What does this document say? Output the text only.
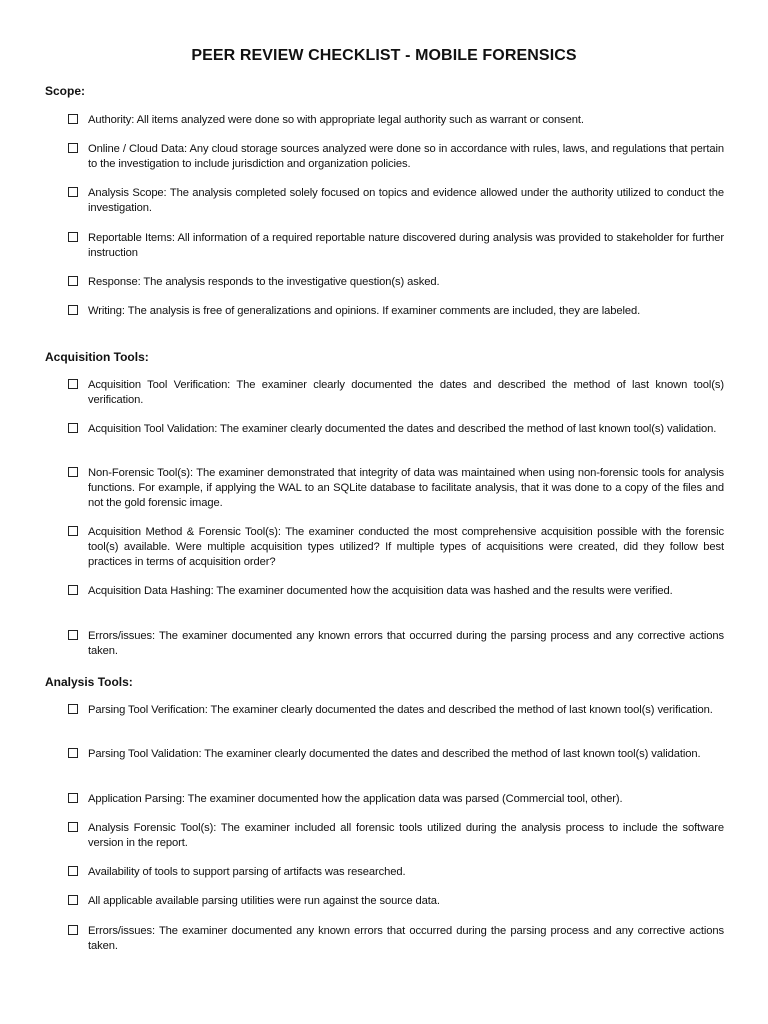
PEER REVIEW CHECKLIST - MOBILE FORENSICS
Scope:
Authority: All items analyzed were done so with appropriate legal authority such as warrant or consent.
Online / Cloud Data: Any cloud storage sources analyzed were done so in accordance with rules, laws, and regulations that pertain to the investigation to include jurisdiction and organization policies.
Analysis Scope: The analysis completed solely focused on topics and evidence allowed under the authority utilized to conduct the investigation.
Reportable Items: All information of a required reportable nature discovered during analysis was provided to stakeholder for further instruction
Response: The analysis responds to the investigative question(s) asked.
Writing: The analysis is free of generalizations and opinions. If examiner comments are included, they are labeled.
Acquisition Tools:
Acquisition Tool Verification: The examiner clearly documented the dates and described the method of last known tool(s) verification.
Acquisition Tool Validation: The examiner clearly documented the dates and described the method of last known tool(s) validation.
Non-Forensic Tool(s): The examiner demonstrated that integrity of data was maintained when using non-forensic tools for analysis functions. For example, if applying the WAL to an SQLite database to facilitate analysis, that it was done to a copy of the files and not the gold forensic image.
Acquisition Method & Forensic Tool(s): The examiner conducted the most comprehensive acquisition possible with the forensic tool(s) available. Were multiple acquisition types utilized? If multiple types of acquisitions were created, did they follow best practices in terms of acquisition order?
Acquisition Data Hashing: The examiner documented how the acquisition data was hashed and the results were verified.
Errors/issues: The examiner documented any known errors that occurred during the parsing process and any corrective actions taken.
Analysis Tools:
Parsing Tool Verification: The examiner clearly documented the dates and described the method of last known tool(s) verification.
Parsing Tool Validation: The examiner clearly documented the dates and described the method of last known tool(s) validation.
Application Parsing: The examiner documented how the application data was parsed (Commercial tool, other).
Analysis Forensic Tool(s): The examiner included all forensic tools utilized during the analysis process to include the software version in the report.
Availability of tools to support parsing of artifacts was researched.
All applicable available parsing utilities were run against the source data.
Errors/issues: The examiner documented any known errors that occurred during the parsing process and any corrective actions taken.
